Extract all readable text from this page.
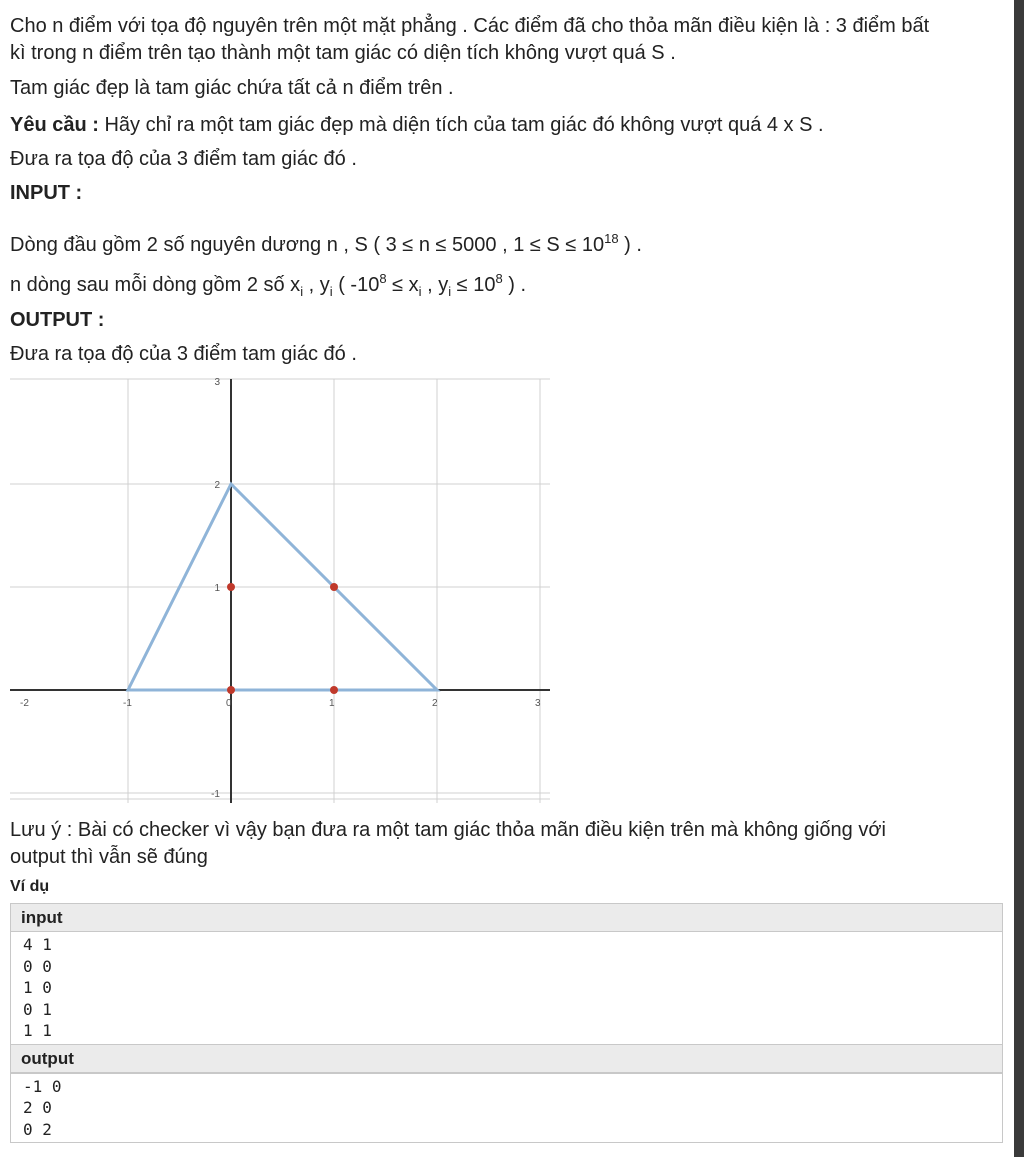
Cho n điểm với tọa độ nguyên trên một mặt phẳng . Các điểm đã cho thỏa mãn điều kiện là : 3 điểm bất

kì trong n điểm trên tạo thành một tam giác có diện tích không vượt quá S .

Tam giác đẹp là tam giác chứa tất cả n điểm trên .

Yêu cầu : Hãy chỉ ra một tam giác đẹp mà diện tích của tam giác đó không vượt quá 4 x S .

Đưa ra tọa độ của 3 điểm tam giác đó .

INPUT :

Dòng đầu gồm 2 số nguyên dương n , S ( 3 ≤ n ≤ 5000 , $1 \le S \le 10^{18}$ ) .

n dòng sau mỗi dòng gồm 2 số $x_i$ , $y_i$ ( $-10^8 \le x_i$ , $y_i \le 10^8$ ) .

OUTPUT :

Đưa ra tọa độ của 3 điểm tam giác đó .

Lưu ý : Bài có checker vì vậy bạn đưa ra một tam giác thỏa mãn điều kiện trên mà không giống với

output thì vẫn sẽ đúng

-2	-1	0	1	2	3
-1
1
2
3
Ví dụ
input
4 1
0 0
1 0
0 1
1 1
output
-1 0
2 0
0 2
